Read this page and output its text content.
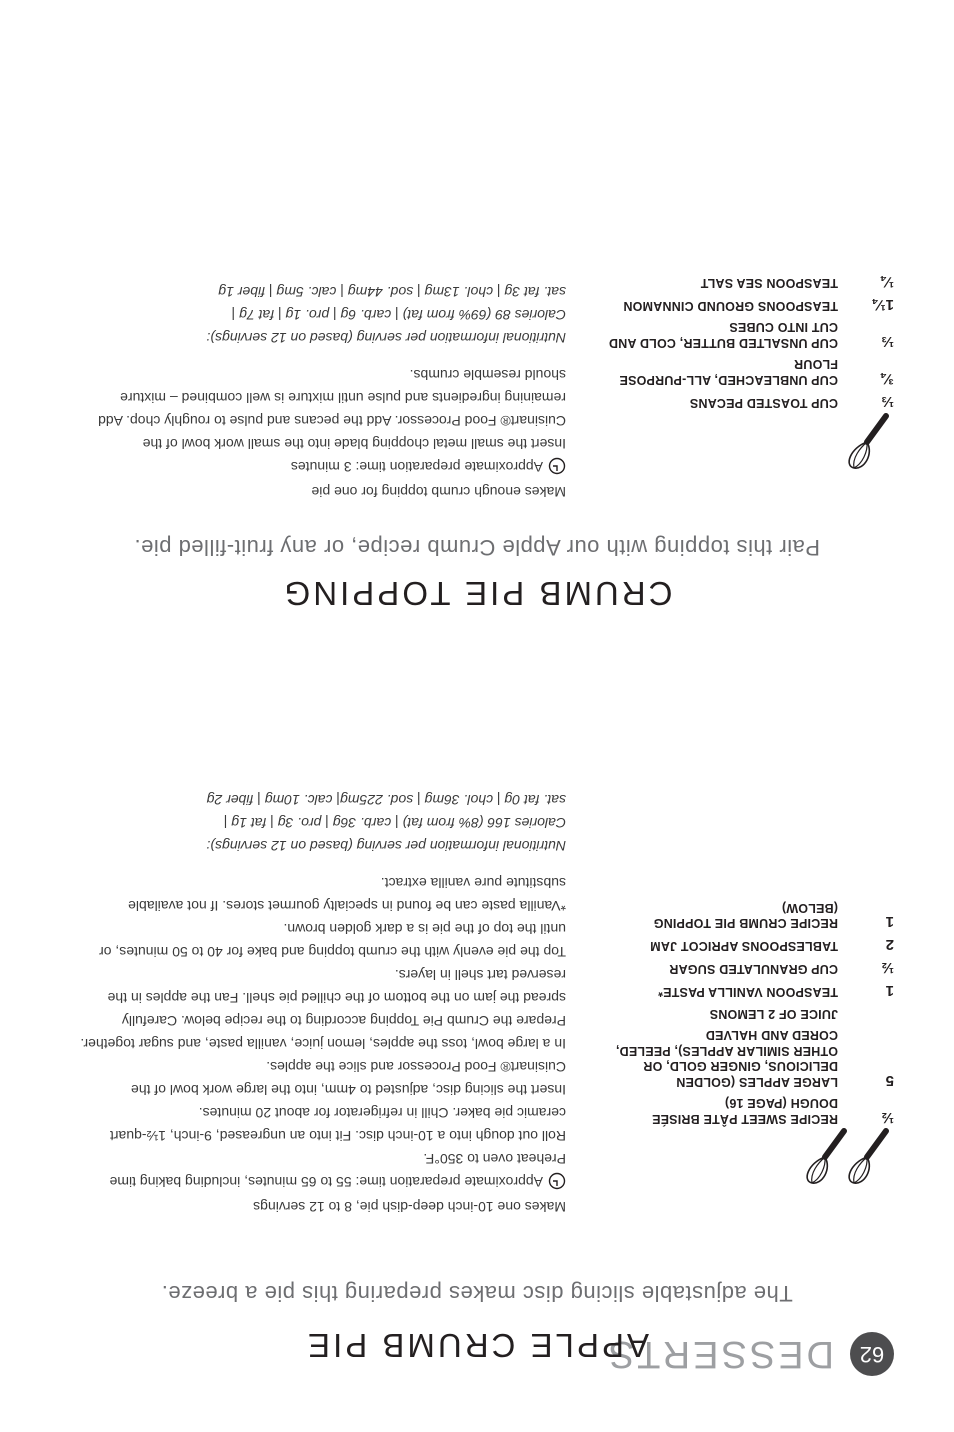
62
DESSERTS
⅓
CUP TOASTED PECANS
¾
CUP UNBLEACHED, ALL-PURPOSE FLOUR
⅓
CUP UNSALTED BUTTER, COLD AND CUT INTO CUBES
1¼
TEASPOONS GROUND CINNAMON
¼
TEASPOON SEA SALT

Makes enough crumb topping for one pie

Approximate preparation time: 3 minutes

Insert the small metal chopping blade into the small work bowl of the Cuisinart® Food Processor. Add the pecans and pulse to roughly chop. Add remaining ingredients and pulse until mixture is well combined – mixture should resemble crumbs.

Nutritional information per serving (based on 12 servings):

Calories 89 (69% from fat) | carb. 6g | pro. 1g | fat 7g |

sat. fat 3g | chol. 13mg | sod. 44mg | calc. 5mg | fiber 1g

Pair this topping with our Apple Crumb recipe, or any fruit-filled pie.
CRUMB PIE TOPPING
½
RECIPE SWEET PÂTE BRISÉE DOUGH (PAGE 16)
5
LARGE APPLES (GOLDEN DELICIOUS, GINGER GOLD, OR OTHER SIMILAR APPLES), PEELED, CORED AND HALVED
JUICE OF 2 LEMONS
1
TEASPOON VANILLA PASTE*
½
CUP GRANULATED SUGAR
2
TABLESPOONS APRICOT JAM
1
RECIPE CRUMB PIE TOPPING (BELOW)

Makes one 10-inch deep-dish pie, 8 to 12 servings

Approximate preparation time: 55 to 65 minutes, including baking time

Preheat oven to 350°F.

Roll out dough into a 10-inch disc. Fit into an ungreased, 9-inch, 1½-quart ceramic pie baker. Chill in refrigerator for about 20 minutes.

Insert the slicing disc, adjusted to 4mm, into the large work bowl of the Cuisinart® Food Processor and slice the apples.

In a large bowl, toss the apples, lemon juice, vanilla paste, and sugar together. Prepare the Crumb Pie Topping according to the recipe below. Carefully spread the jam on the bottom of the chilled pie shell. Fan the apples in the reserved tart shell in layers.

Top the pie evenly with the crumb topping and bake for 40 to 50 minutes, or until the top of the pie is a dark golden brown.

*Vanilla paste can be found in specialty gourmet stores. If not available substitute pure vanilla extract.

Nutritional information per serving (based on 12 servings):

Calories 166 (8% from fat) | carb. 36g | pro. 3g | fat 1g |

sat. fat 0g | chol. 36mg | sod. 225mg| calc. 10mg | fiber 2g

The adjustable slicing disc makes preparing this pie a breeze.
APPLE CRUMB PIE
